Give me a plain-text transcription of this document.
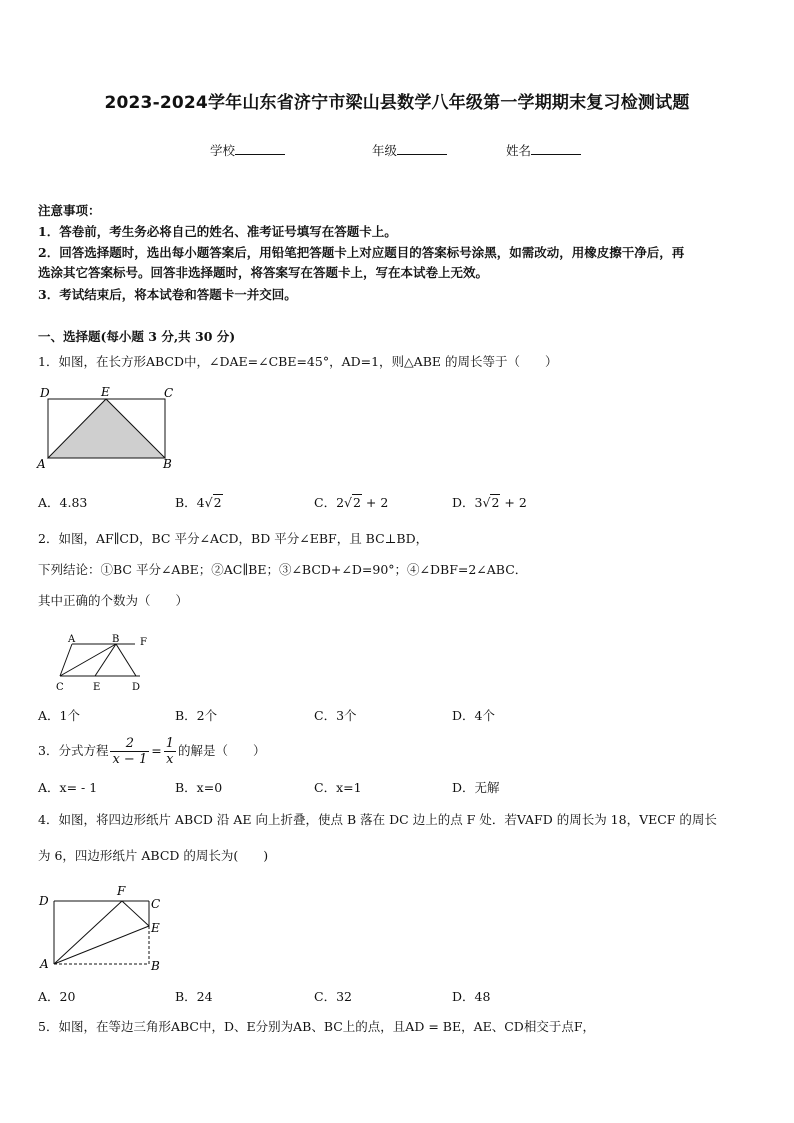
2023-2024学年山东省济宁市梁山县数学八年级第一学期期末复习检测试题
学校	年级	姓名
注意事项：
1．答卷前，考生务必将自己的姓名、准考证号填写在答题卡上。
2．回答选择题时，选出每小题答案后，用铅笔把答题卡上对应题目的答案标号涂黑，如需改动，用橡皮擦干净后，再
选涂其它答案标号。回答非选择题时，将答案写在答题卡上，写在本试卷上无效。
3．考试结束后，将本试卷和答题卡一并交回。
一、选择题(每小题 3 分,共 30 分)
1．如图，在长方形ABCD中，∠DAE=∠CBE=45°，AD=1，则△ABE 的周长等于（　　）
D	E	C
A	B
A．4.83	B．4√2	C．2√2 + 2	D．3√2 + 2
2．如图，AF∥CD，BC 平分∠ACD，BD 平分∠EBF，且 BC⊥BD，
下列结论：①BC 平分∠ABE；②AC∥BE；③∠BCD+∠D=90°；④∠DBF=2∠ABC．
其中正确的个数为（　　）
A	B F
C	E	D
A．1个	B．2个	C．3个	D．4个
3．分式方程 $\frac{2}{x - 1} = \frac{1}{x}$ 的解是（　　）
A．x= - 1	B．x=0	C．x=1	D．无解
4．如图，将四边形纸片 ABCD 沿 AE 向上折叠，使点 B 落在 DC 边上的点 F 处．若VAFD 的周长为 18，VECF 的周长
为 6，四边形纸片 ABCD 的周长为(　　)
D
F
C
E
A	B
A．20	B．24	C．32	D．48
5．如图，在等边三角形ABC中，D、E分别为AB、BC上的点，且AD = BE，AE、CD相交于点F，
